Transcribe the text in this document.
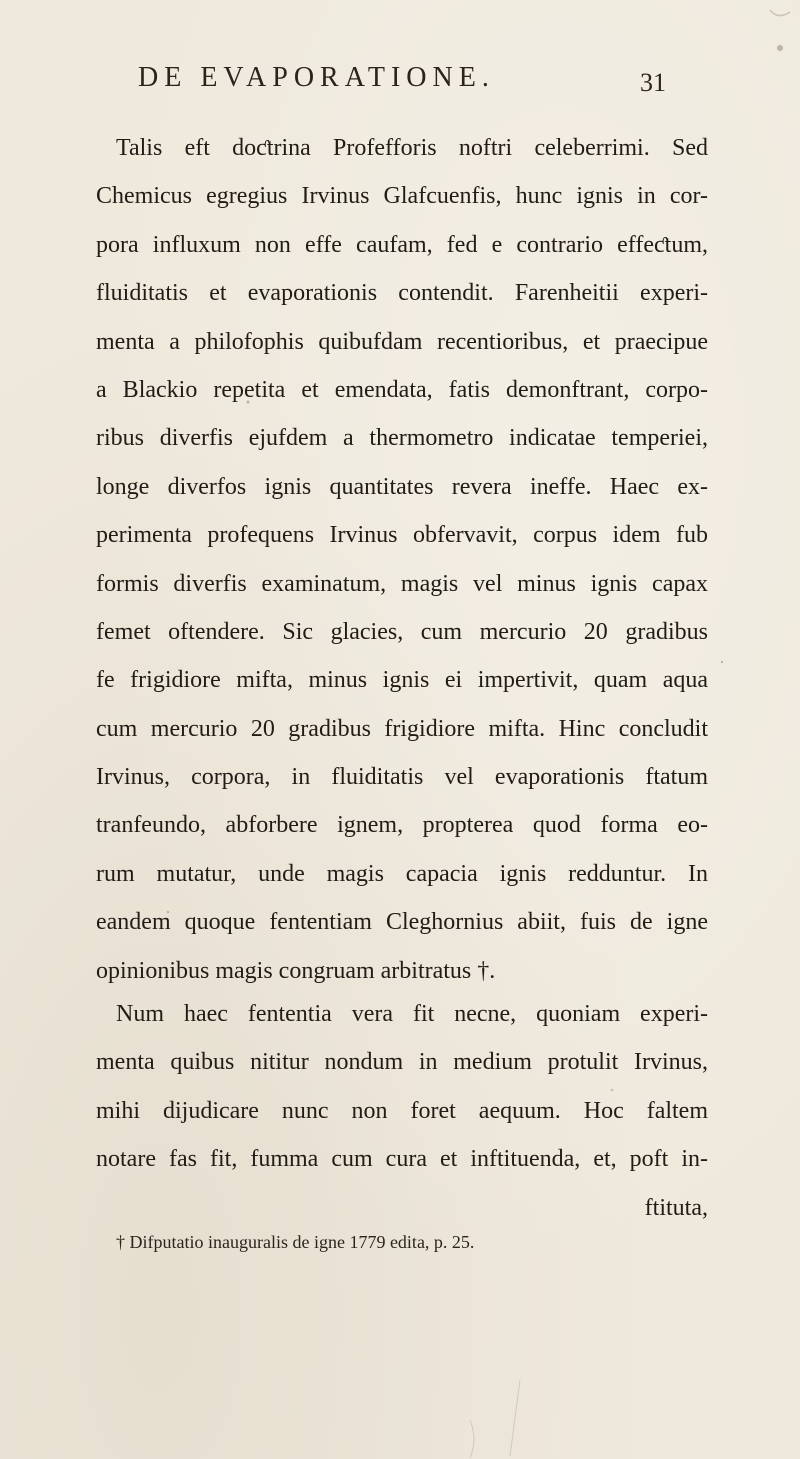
DE EVAPORATIONE.	31
Talis eft doƈtrina Profefforis noftri celeberrimi. Sed
Chemicus egregius Irvinus Glafcuenfis, hunc ignis in cor-
pora influxum non effe caufam, fed e contrario effeƈtum,
fluiditatis et evaporationis contendit. Farenheitii experi-
menta a philofophis quibufdam recentioribus, et praecipue
a Blackio repetita et emendata, fatis demonftrant, corpo-
ribus diverfis ejufdem a thermometro indicatae temperiei,
longe diverfos ignis quantitates revera ineffe. Haec ex-
perimenta profequens Irvinus obfervavit, corpus idem fub
formis diverfis examinatum, magis vel minus ignis capax
femet oftendere. Sic glacies, cum mercurio 20 gradibus
fe frigidiore mifta, minus ignis ei impertivit, quam aqua
cum mercurio 20 gradibus frigidiore mifta. Hinc concludit
Irvinus, corpora, in fluiditatis vel evaporationis ftatum
tranfeundo, abforbere ignem, propterea quod forma eo-
rum mutatur, unde magis capacia ignis redduntur. In
eandem quoque fententiam Cleghornius abiit, fuis de igne
opinionibus magis congruam arbitratus †.
Num haec fententia vera fit necne, quoniam experi-
menta quibus nititur nondum in medium protulit Irvinus,
mihi dijudicare nunc non foret aequum. Hoc faltem
notare fas fit, fumma cum cura et inftituenda, et, poft in-
ftituta,
† Difputatio inauguralis de igne 1779 edita, p. 25.
